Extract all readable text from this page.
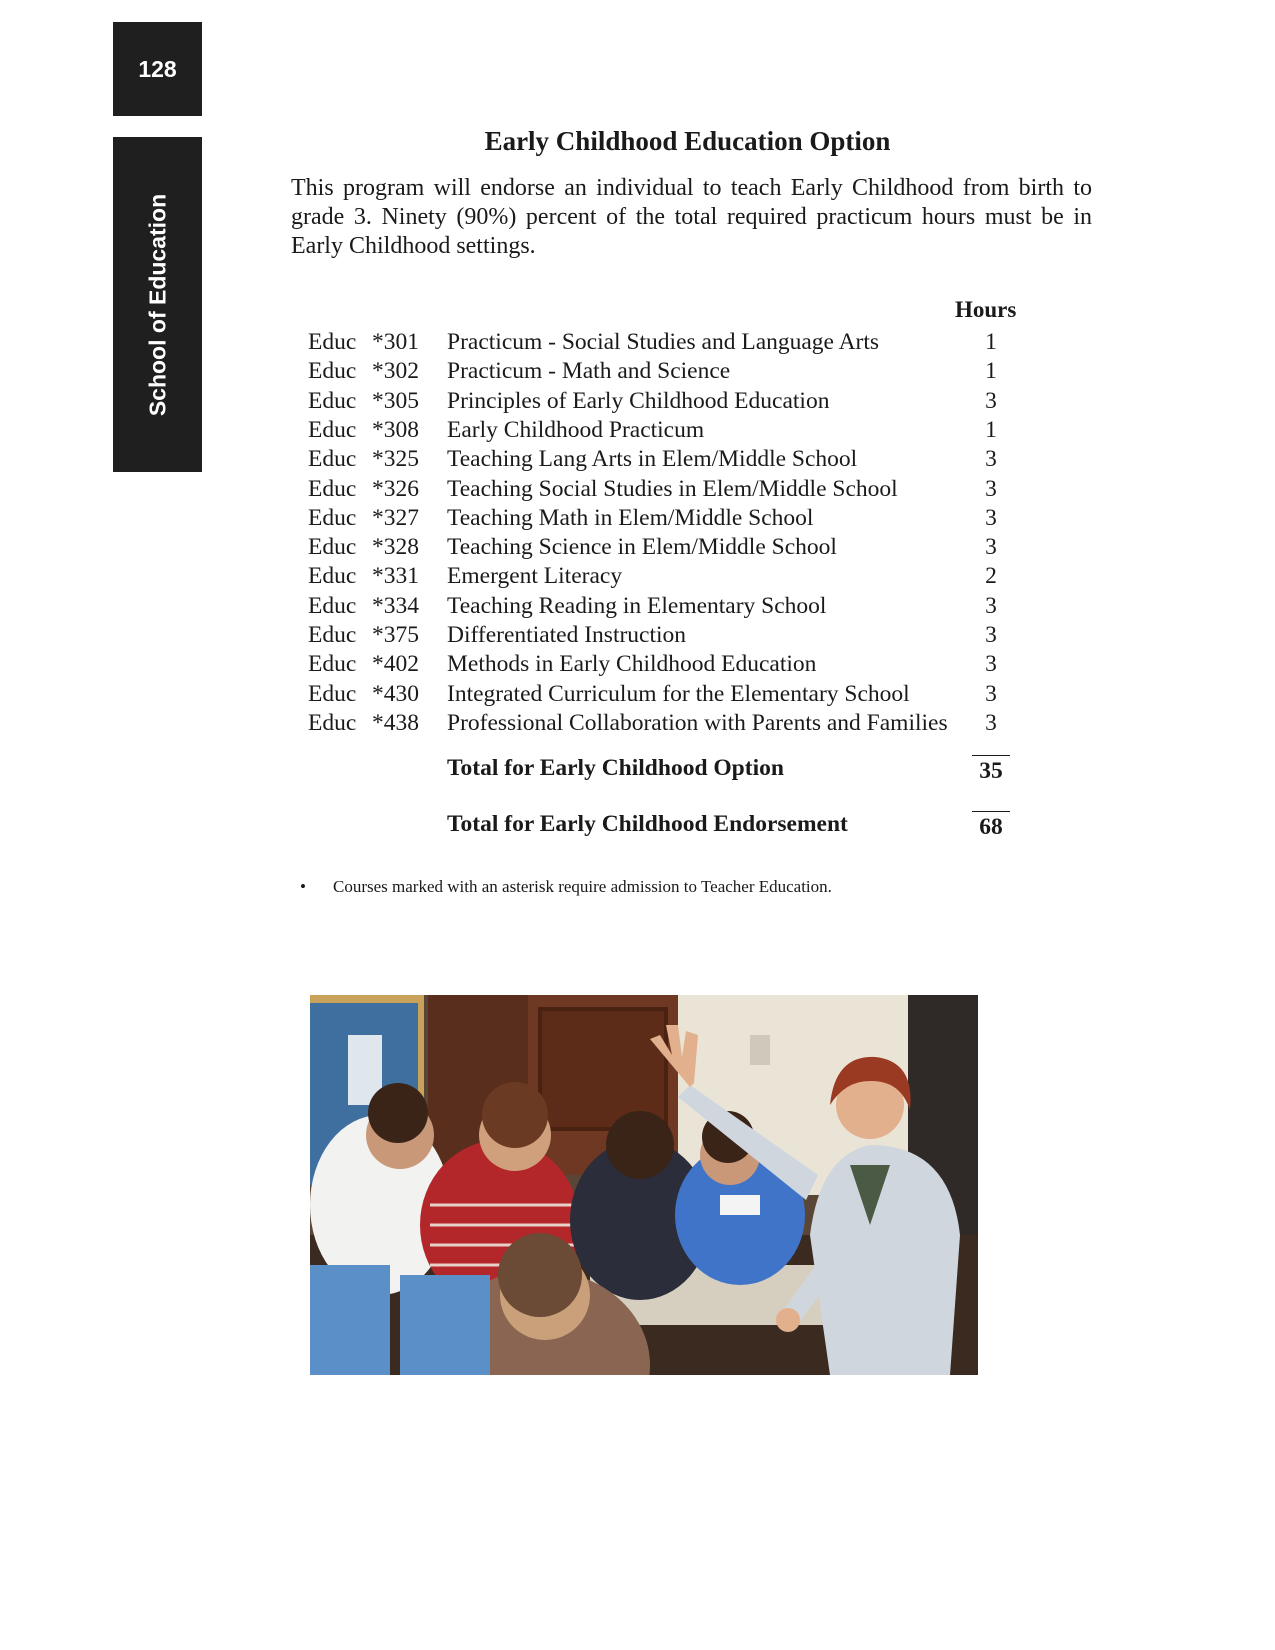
128
School of Education
Early Childhood Education Option

This program will endorse an individual to teach Early Childhood from birth to grade 3. Ninety (90%) percent of the total required practicum hours must be in Early Childhood settings.

Hours
Educ *301 Practicum - Social Studies and Language Arts	1
Educ *302 Practicum - Math and Science	1
Educ *305 Principles of Early Childhood Education	3
Educ *308 Early Childhood Practicum	1
Educ *325 Teaching Lang Arts in Elem/Middle School	3
Educ *326 Teaching Social Studies in Elem/Middle School	3
Educ *327 Teaching Math in Elem/Middle School	3
Educ *328 Teaching Science in Elem/Middle School	3
Educ *331 Emergent Literacy	2
Educ *334 Teaching Reading in Elementary School	3
Educ *375 Differentiated Instruction	3
Educ *402 Methods in Early Childhood Education	3
Educ *430 Integrated Curriculum for the Elementary School	3
Educ *438 Professional Collaboration with Parents and Families 3
Total for Early Childhood Option	35
Total for Early Childhood Endorsement	68
• Courses marked with an asterisk require admission to Teacher Education.
